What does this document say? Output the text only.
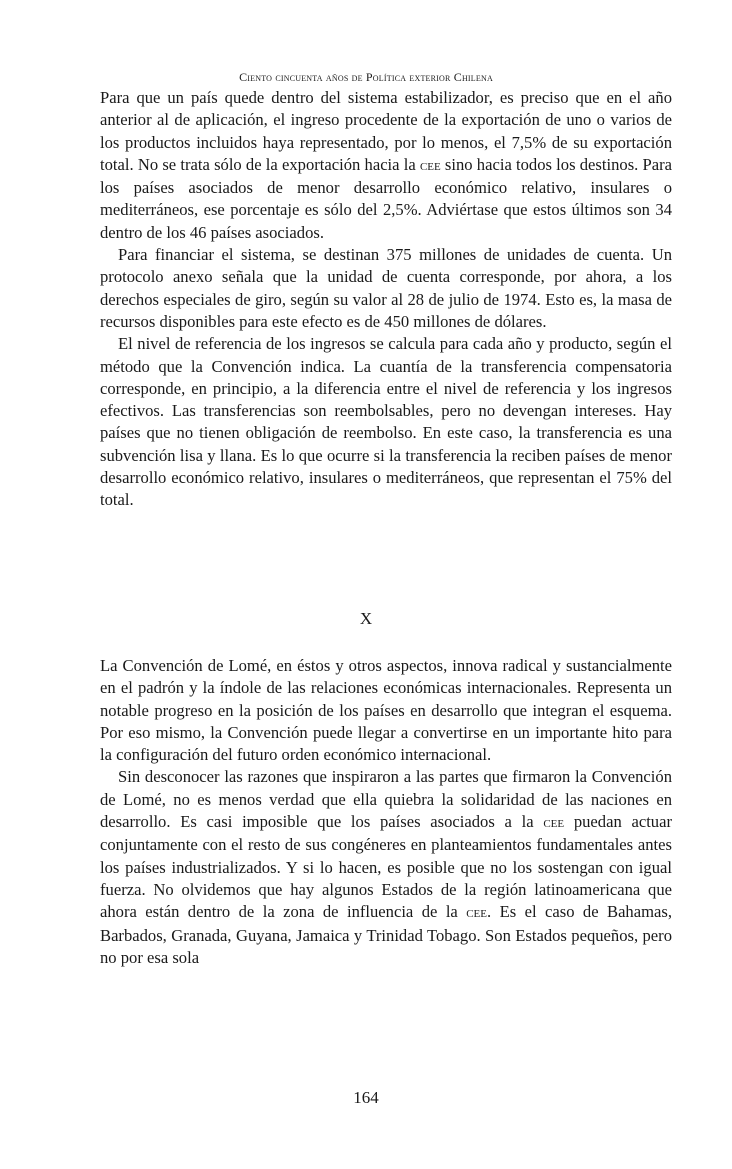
Ciento cincuenta años de Política exterior Chilena

Para que un país quede dentro del sistema estabilizador, es preciso que en el año anterior al de aplicación, el ingreso procedente de la exportación de uno o varios de los productos incluidos haya representado, por lo menos, el 7,5% de su exportación total. No se trata sólo de la exportación hacia la cee sino hacia todos los destinos. Para los países asociados de menor desarrollo económico relativo, insulares o mediterráneos, ese porcentaje es sólo del 2,5%. Adviértase que estos últimos son 34 dentro de los 46 países asociados.

Para financiar el sistema, se destinan 375 millones de unidades de cuenta. Un protocolo anexo señala que la unidad de cuenta corresponde, por ahora, a los derechos especiales de giro, según su valor al 28 de julio de 1974. Esto es, la masa de recursos disponibles para este efecto es de 450 millones de dólares.

El nivel de referencia de los ingresos se calcula para cada año y producto, según el método que la Convención indica. La cuantía de la transferencia compensatoria corresponde, en principio, a la diferencia entre el nivel de referencia y los ingresos efectivos. Las transferencias son reembolsables, pero no devengan intereses. Hay países que no tienen obligación de reembolso. En este caso, la transferencia es una subvención lisa y llana. Es lo que ocurre si la transferencia la reciben países de menor desarrollo económico relativo, insulares o mediterráneos, que representan el 75% del total.

X

La Convención de Lomé, en éstos y otros aspectos, innova radical y sustancialmente en el padrón y la índole de las relaciones económicas internacionales. Representa un notable progreso en la posición de los países en desarrollo que integran el esquema. Por eso mismo, la Convención puede llegar a convertirse en un importante hito para la configuración del futuro orden económico internacional.

Sin desconocer las razones que inspiraron a las partes que firmaron la Convención de Lomé, no es menos verdad que ella quiebra la solidaridad de las naciones en desarrollo. Es casi imposible que los países asociados a la cee puedan actuar conjuntamente con el resto de sus congéneres en planteamientos fundamentales antes los países industrializados. Y si lo hacen, es posible que no los sostengan con igual fuerza. No olvidemos que hay algunos Estados de la región latinoamericana que ahora están dentro de la zona de influencia de la cee. Es el caso de Bahamas, Barbados, Granada, Guyana, Jamaica y Trinidad Tobago. Son Estados pequeños, pero no por esa sola

164
